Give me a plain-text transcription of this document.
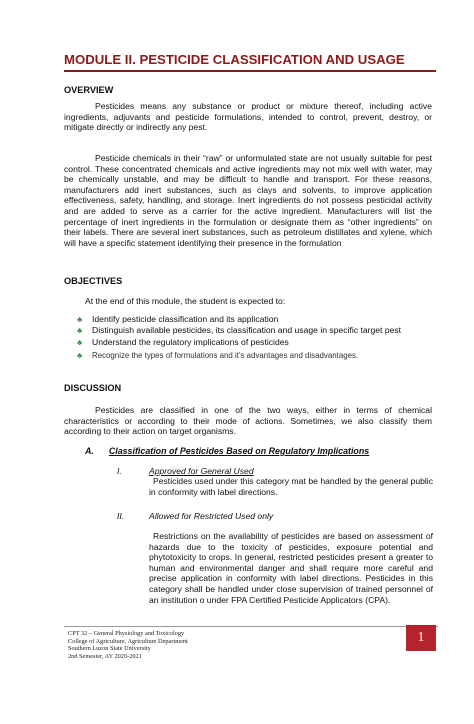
MODULE II. PESTICIDE CLASSIFICATION AND USAGE
OVERVIEW

Pesticides means any substance or product or mixture thereof, including active ingredients, adjuvants and pesticide formulations, intended to control, prevent, destroy, or mitigate directly or indirectly any pest.

Pesticide chemicals in their “raw” or unformulated state are not usually suitable for pest control. These concentrated chemicals and active ingredients may not mix well with water, may be chemically unstable, and may be difficult to handle and transport. For these reasons, manufacturers add inert substances, such as clays and solvents, to improve application effectiveness, safety, handling, and storage. Inert ingredients do not possess pesticidal activity and are added to serve as a carrier for the active ingredient. Manufacturers will list the percentage of inert ingredients in the formulation or designate them as “other ingredients” on their labels. There are several inert substances, such as petroleum distillates and xylene, which will have a specific statement identifying their presence in the formulation

OBJECTIVES
At the end of this module, the student is expected to:
♣	Identify pesticide classification and its application
♣	Distinguish available pesticides, its classification and usage in specific target pest
♣	Understand the regulatory implications of pesticides
♣	Recognize the types of formulations and it’s advantages and disadvantages.
DISCUSSION

Pesticides are classified in one of the two ways, either in terms of chemical characteristics or according to their mode of actions. Sometimes, we also classify them according to their action on target organisms.

A. Classification of Pesticides Based on Regulatory Implications
I.	Approved for General Used

Pesticides used under this category mat be handled by the general public in conformity with label directions.

II.	Allowed for Restricted Used only

Restrictions on the availability of pesticides are based on assessment of hazards due to the toxicity of pesticides, exposure potential and phytotoxicity to crops. In general, restricted pesticides present a greater to human and environmental danger and shall require more careful and precise application in conformity with label directions. Pesticides in this category shall be handled under close supervision of trained personnel of an institution o under FPA Certified Pesticide Applicators (CPA).

CPT 32 – General Physiology and Toxicology
College of Agriculture, Agriculture Department
Southern Luzon State University
2nd Semester, AY 2020-2021
1
